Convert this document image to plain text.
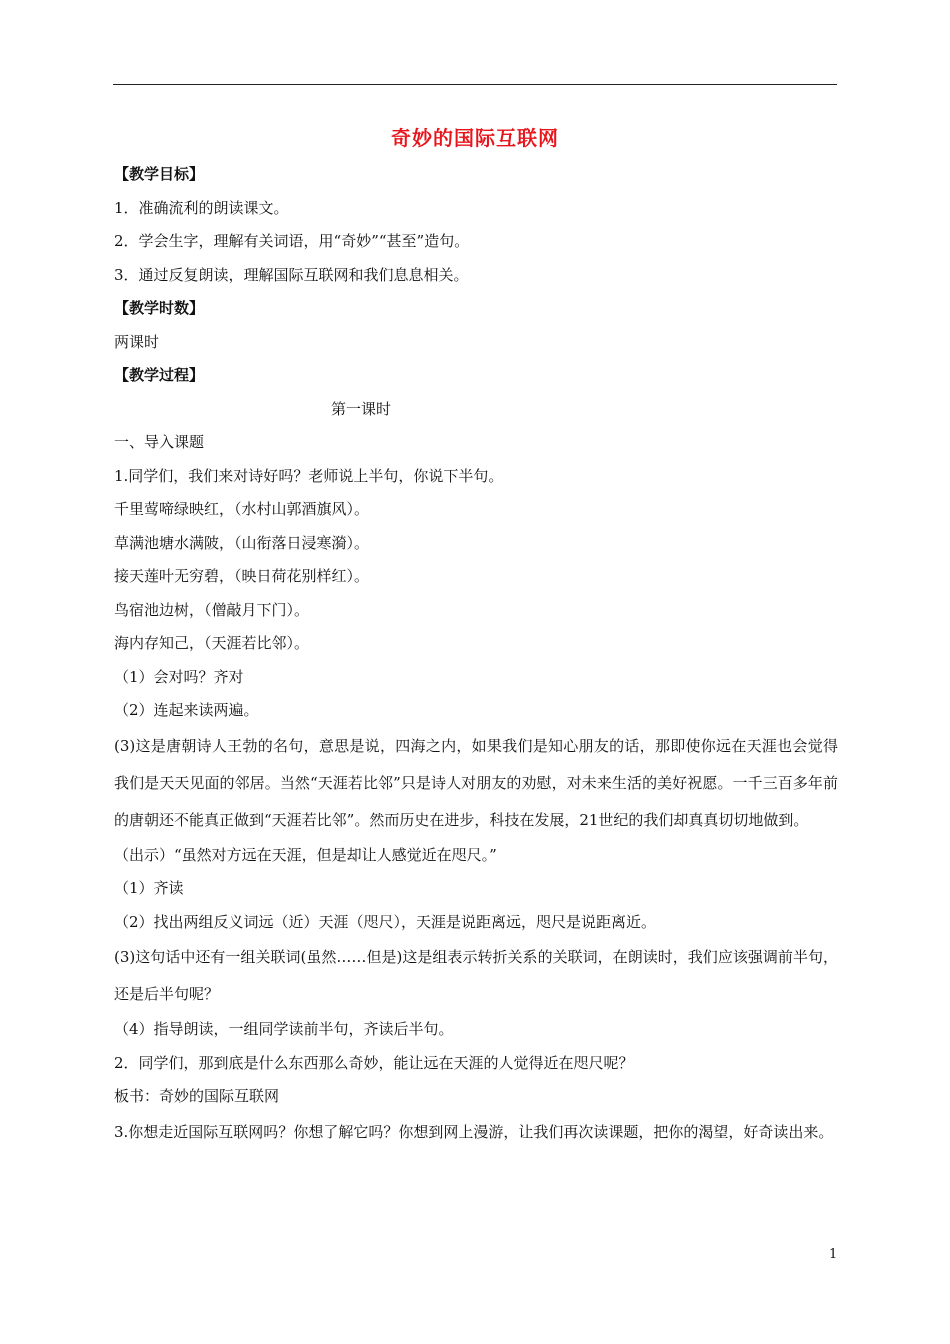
奇妙的国际互联网
【教学目标】
1．准确流利的朗读课文。
2．学会生字，理解有关词语，用“奇妙”“甚至”造句。
3．通过反复朗读，理解国际互联网和我们息息相关。
【教学时数】
两课时
【教学过程】
第一课时
一、导入课题
1.同学们，我们来对诗好吗？老师说上半句，你说下半句。
千里莺啼绿映红，（水村山郭酒旗风）。
草满池塘水满陂，（山衔落日浸寒漪）。
接天莲叶无穷碧，（映日荷花别样红）。
鸟宿池边树，（僧敲月下门）。
海内存知己，（天涯若比邻）。
（1）会对吗？齐对
（2）连起来读两遍。
(3)这是唐朝诗人王勃的名句，意思是说，四海之内，如果我们是知心朋友的话，那即使你远在天涯也会觉得我们是天天见面的邻居。当然“天涯若比邻”只是诗人对朋友的劝慰，对未来生活的美好祝愿。一千三百多年前的唐朝还不能真正做到“天涯若比邻”。然而历史在进步，科技在发展，21世纪的我们却真真切切地做到。
（出示）“虽然对方远在天涯，但是却让人感觉近在咫尺。”
（1）齐读
（2）找出两组反义词远（近）天涯（咫尺），天涯是说距离远，咫尺是说距离近。
(3)这句话中还有一组关联词(虽然……但是)这是组表示转折关系的关联词，在朗读时，我们应该强调前半句，还是后半句呢？
（4）指导朗读，一组同学读前半句，齐读后半句。
2．同学们，那到底是什么东西那么奇妙，能让远在天涯的人觉得近在咫尺呢？
板书：奇妙的国际互联网
3.你想走近国际互联网吗？你想了解它吗？你想到网上漫游，让我们再次读课题，把你的渴望，好奇读出来。
1
